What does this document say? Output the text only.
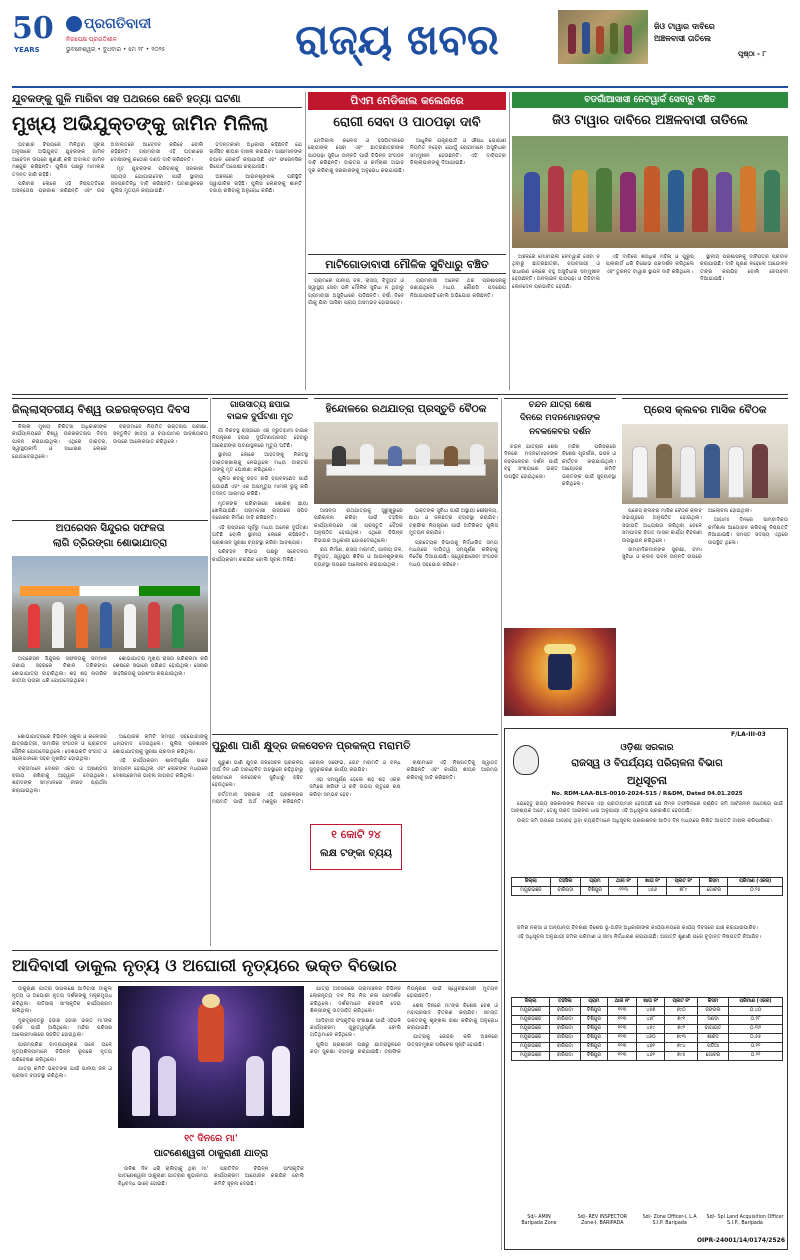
50
YEARS
ପ୍ରଗତିବାଦୀ
ନିରପେକ୍ଷ ପ୍ରଗତିଶୀଳ
ଭୁବନେଶ୍ୱର • ବୁଧବାର • ମେ ୨୮ • ୨୦୨୫	ରାଜ୍ୟ ଖବର	ଜିଓ ଟାୱାର ଦାବିରେ
ଅଞ୍ଚଳବାସୀ ତାତିଲେ
ପୃଷ୍ଠା - ୮
ଯୁବକଙ୍କୁ ଗୁଳି ମାରିବା ସହ ପଥରରେ ଛେଚି ହତ୍ୟା ଘଟଣା
ମୁଖ୍ୟ ଅଭିଯୁକ୍ତଙ୍କୁ ଜାମିନ ମିଳିଲା

ଘଟଣାର ବିଷୟରେ ମିଳିଥିବା ସୂଚନା ଅନୁସାରେ ଅଭିଯୁକ୍ତ ଯୁବକଙ୍କ ଜାମିନ ଆବେଦନ ଉପରେ ଶୁଣାଣି କରି ଅଦାଲତ ଜାମିନ ମଞ୍ଜୁର କରିଛନ୍ତି। ପୁଲିସ ପକ୍ଷରୁ ମାମଲାର ତଦନ୍ତ ଜାରି ରହିଛି।

ପରିବାର ଲୋକେ ଏହି ନିଷ୍ପତ୍ତିରେ ଅସନ୍ତୋଷ ପ୍ରକାଶ କରିଛନ୍ତି ଏବଂ ଉଚ୍ଚ ଅଦାଲତରେ ଆବେଦନ କରିବେ ବୋଲି କହିଛନ୍ତି। ଗ୍ରାମବାସୀ ଏହି ଘଟଣାରେ ଦୋଷୀଙ୍କୁ କଠୋର ଦଣ୍ଡ ଦାବି କରିଛନ୍ତି।

ମୃତ ଯୁବକଙ୍କ ପରିବାରକୁ ସରକାରୀ ସହାୟତା ଯୋଗାଇଦେବା ପାଇଁ ସ୍ଥାନୀୟ ଜନପ୍ରତିନିଧି ଦାବି କରିଛନ୍ତି। ଘଟଣାସ୍ଥଳରେ ପୁଲିସ ମୁତୟନ କରାଯାଇଛି।

ତଦନ୍ତକାରୀ ଅଧିକାରୀ କହିଛନ୍ତି ଯେ ଚାର୍ଜସିଟ ଶୀଘ୍ର ଦାଖଲ କରାଯିବ। ସାକ୍ଷୀମାନଙ୍କ ବୟାନ ରେକର୍ଡ କରାଯାଉଛି ଏବଂ ଫରେନସିକ ରିପୋର୍ଟ ଅପେକ୍ଷା କରାଯାଉଛି।

ଅଞ୍ଚଳରେ ଆଇନଶୃଙ୍ଖଳା ପରିସ୍ଥିତି ସ୍ୱାଭାବିକ ରହିଛି। ପୁଲିସ ଲୋକଙ୍କୁ ଶାନ୍ତି ବଜାୟ ରଖିବାକୁ ଅନୁରୋଧ କରିଛି।

ପିଏମ ମେଡିକାଲ କଲେଜରେ
ରୋଗୀ ସେବା ଓ ପାଠପଢ଼ା ଦାବି

ମେଡିକାଲ କଲେଜ ଓ ହସପିଟାଲରେ ରୋଗୀଙ୍କ ସେବା ଏବଂ ଛାତ୍ରଛାତ୍ରୀଙ୍କ ପାଠପଢ଼ା ସୁବିଧା ଉନ୍ନତି ପାଇଁ ବିଭିନ୍ନ ସଂଗଠନ ଦାବି କରିଛନ୍ତି। ଡାକ୍ତର ଓ କର୍ମଚାରୀ ଅଭାବ ଦୂର କରିବାକୁ ସରକାରଙ୍କୁ ଅନୁରୋଧ କରାଯାଇଛି।

ଆଧୁନିକ ଯନ୍ତ୍ରପାତି ଓ ଔଷଧ ଯୋଗାଣ ନିୟମିତ ନହେବା ଯୋଗୁଁ ରୋଗୀମାନେ ଅସୁବିଧାର ସମ୍ମୁଖୀନ ହେଉଛନ୍ତି। ଏହି ଦାବିପତ୍ର ଜିଲ୍ଲାପାଳଙ୍କୁ ଦିଆଯାଇଛି।

ବଡଗାଁଆସାସୀ ନେଟୱାର୍କ ସେବାରୁ ବଞ୍ଚିତ
ଜିଓ ଟାୱାର ଦାବିରେ ଅଞ୍ଚଳବାସୀ ତାତିଲେ
ମାଟିଗୋଡାବାସୀ ମୌଳିକ ସୁବିଧାରୁ ବଞ୍ଚିତ

ଗ୍ରାମରେ ପାନୀୟ ଜଳ, ରାସ୍ତା, ବିଦ୍ୟୁତ ଓ ସ୍ୱାସ୍ଥ୍ୟ ସେବା ଭଳି ମୌଳିକ ସୁବିଧା ନ ଥିବାରୁ ଗ୍ରାମବାସୀ ଅସୁବିଧାରେ ପଡ଼ିଛନ୍ତି। ବର୍ଷା ଦିନେ ଗାଁକୁ ଯିବା ଆସିବା ପ୍ରାୟ ଅସମ୍ଭବ ହୋଇପଡ଼େ।

ଗ୍ରାମବାସୀ ଅନେକ ଥର ପ୍ରଶାସନକୁ ଜଣାଇଥିଲେ ମଧ୍ୟ କୌଣସି ପଦକ୍ଷେପ ନିଆଯାଇନାହିଁ ବୋଲି ଅଭିଯୋଗ କରିଛନ୍ତି।

ଅଞ୍ଚଳରେ ମୋବାଇଲ ନେଟୱାର୍କ ସେବା ନ ଥିବାରୁ ଛାତ୍ରଛାତ୍ରୀ, ବ୍ୟବସାୟୀ ଓ ସାଧାରଣ ଲୋକେ ବହୁ ଅସୁବିଧାର ସମ୍ମୁଖୀନ ହେଉଛନ୍ତି। ଅନଲାଇନ ପାଠପଢ଼ା ଓ ଡିଜିଟାଲ ଲେନଦେନ ପ୍ରଭାବିତ ହେଉଛି।

ଏହି ଦାବିରେ ଶତାଧିକ ମହିଳା ଓ ପୁରୁଷ ପ୍ଲାକାର୍ଡ ଧରି ବିକ୍ଷୋଭ ପ୍ରଦର୍ଶନ କରିଥିଲେ ଏବଂ ତୁରନ୍ତ ଟାୱାର ସ୍ଥାପନ ଦାବି କରିଥିଲେ।

ସ୍ଥାନୀୟ ପ୍ରଶାସନକୁ ଦାବିପତ୍ର ପ୍ରଦାନ କରାଯାଇଛି। ଦାବି ପୂରଣ ନହେଲେ ଆନ୍ଦୋଳନ ତୀବ୍ର କରାଯିବ ବୋଲି ଚେତାବନୀ ଦିଆଯାଇଛି।

ଜିଲ୍ଲାସ୍ତରୀୟ ବିଶ୍ୱ ଉଚ୍ଚରକ୍ତଚାପ ଦିବସ

ଜିଲ୍ଲା ମୁଖ୍ୟ ଚିକିତ୍ସା ଅଧିକାରୀଙ୍କ କାର୍ଯ୍ୟାଳୟରେ ବିଶ୍ୱ ଉଚ୍ଚରକ୍ତଚାପ ଦିବସ ପାଳନ କରାଯାଇଥିଲା। ଏଥିରେ ଡାକ୍ତର, ସ୍ୱାସ୍ଥ୍ୟକର୍ମୀ ଓ ସାଧାରଣ ଲୋକେ ଯୋଗଦେଇଥିଲେ।

ବକ୍ତାମାନେ ନିୟମିତ ରକ୍ତଚାପ ପରୀକ୍ଷା, ସନ୍ତୁଳିତ ଖାଦ୍ୟ ଓ ବ୍ୟାୟାମର ଆବଶ୍ୟକତା ଉପରେ ଆଲୋକପାତ କରିଥିଲେ।

ଗାଉସାତ୍ୟ ଛପାଇ
ବାଇକ ଦୁର୍ଘଟଣା ମୃତ

ଗାଁ ନିକଟସ୍ଥ ରାସ୍ତାରେ ଏକ ଦ୍ରୁତଗାମୀ ବାଇକ ନିୟନ୍ତ୍ରଣ ହରାଇ ଦୁର୍ଘଟଣାଗ୍ରସ୍ତ ହେବାରୁ ଆରୋହୀଙ୍କ ଘଟଣାସ୍ଥଳରେ ମୃତ୍ୟୁ ଘଟିଛି।

ସ୍ଥାନୀୟ ଲୋକେ ଆହତଙ୍କୁ ନିକଟସ୍ଥ ଡାକ୍ତରଖାନାକୁ ନେଇଥିଲେ ମଧ୍ୟ ଡାକ୍ତର ତାଙ୍କୁ ମୃତ ଘୋଷଣା କରିଥିଲେ।

ପୁଲିସ ଶବକୁ ଜବତ କରି ବ୍ୟବଚ୍ଛେଦ ପାଇଁ ପଠାଇଛି ଏବଂ ଏକ ଅପମୃତ୍ୟୁ ମାମଲା ରୁଜୁ କରି ତଦନ୍ତ ଆରମ୍ଭ କରିଛି।

ମୃତକଙ୍କ ପରିବାରରେ ଶୋକର ଛାୟା ଖେଳିଯାଇଛି। ଗ୍ରାମବାସୀ ରାସ୍ତାରେ ସ୍ପିଡ ବ୍ରେକର ନିର୍ମାଣ ଦାବି କରିଛନ୍ତି।

ଏହି ରାସ୍ତାରେ ପୂର୍ବରୁ ମଧ୍ୟ ଅନେକ ଦୁର୍ଘଟଣା ଘଟିଛି ବୋଲି ସ୍ଥାନୀୟ ଲୋକେ କହିଛନ୍ତି। ପ୍ରଶାସନ ସୁରକ୍ଷା ବ୍ୟବସ୍ଥା କରିବା ଆବଶ୍ୟକ।

ପରିବହନ ବିଭାଗ ପକ୍ଷରୁ ସଚେତନତା କାର୍ଯ୍ୟକ୍ରମ କରାଯିବ ବୋଲି ସୂଚନା ମିଳିଛି।

ହିନ୍ଦୋଳରେ ରଥଯାତ୍ରା ପ୍ରସ୍ତୁତି ବୈଠକ

ଆସନ୍ତା ରଥଯାତ୍ରାକୁ ସୁରୁଖୁରୁରେ ପରିଚାଳନା କରିବା ପାଇଁ ତହସିଲ କାର୍ଯ୍ୟାଳୟରେ ଏକ ପ୍ରସ୍ତୁତି ବୈଠକ ଅନୁଷ୍ଠିତ ହୋଇଥିଲା। ଏଥିରେ ବିଭିନ୍ନ ବିଭାଗର ଅଧିକାରୀ ଯୋଗଦେଇଥିଲେ।

ରଥ ନିର୍ମାଣ, ରାସ୍ତା ମରାମତି, ପାନୀୟ ଜଳ, ବିଦ୍ୟୁତ, ସ୍ୱାସ୍ଥ୍ୟ ଶିବିର ଓ ଆଇନଶୃଙ୍ଖଳା ବ୍ୟବସ୍ଥା ଉପରେ ଆଲୋଚନା କରାଯାଇଥିଲା।

ଭକ୍ତଙ୍କ ସୁବିଧା ପାଇଁ ଅସ୍ଥାୟୀ ଶୌଚାଳୟ, ଛାୟା ଓ ଜଳଛତ୍ର ବ୍ୟବସ୍ଥା କରାଯିବ। ଟ୍ରାଫିକ ନିୟନ୍ତ୍ରଣ ପାଇଁ ଅତିରିକ୍ତ ପୁଲିସ ମୁତୟନ କରାଯିବ।

ପ୍ରତ୍ୟେକ ବିଭାଗକୁ ନିର୍ଦ୍ଧାରିତ ସମୟ ମଧ୍ୟରେ ଦାୟିତ୍ୱ ସମ୍ପୂର୍ଣ୍ଣ କରିବାକୁ ନିର୍ଦ୍ଦେଶ ଦିଆଯାଇଛି। ସ୍ୱେଚ୍ଛାସେବୀ ସଂଗଠନ ମଧ୍ୟ ସହଯୋଗ କରିବେ।

ଚନ୍ଦନ ଯାତ୍ରା ଶେଷ
ଦିନରେ ମଦନମୋହନଙ୍କ
ନବକଳେବର ଦର୍ଶନ

ଚନ୍ଦନ ଯାତ୍ରାର ଶେଷ ଦିନରେ ମଦନମୋହନଙ୍କ ନବକଳେବର ଦର୍ଶନ ପାଇଁ ବହୁ ସଂଖ୍ୟାରେ ଭକ୍ତ ଉପସ୍ଥିତ ହୋଇଥିଲେ।

ମନ୍ଦିର ପରିସରରେ ବିଶେଷ ପୂଜାର୍ଚ୍ଚନା, ଭଜନ ଓ କୀର୍ତ୍ତନ କରାଯାଇଥିଲା। ଆୟୋଜକ କମିଟି ଭକ୍ତଙ୍କ ପାଇଁ ସୁବ୍ୟବସ୍ଥା କରିଥିଲେ।

ପ୍ରେସ କ୍ଲବର ମାସିକ ବୈଠକ

ପ୍ରେସ କ୍ଲବର ମାସିକ ବୈଠକ କ୍ଲବ ସଭାଗୃହରେ ଅନୁଷ୍ଠିତ ହୋଇଥିଲା। ସଭାପତି ଅଧ୍ୟକ୍ଷତା କରିଥିବା ବେଳେ ସମ୍ପାଦକ ବିଗତ ମାସର କାର୍ଯ୍ୟ ବିବରଣୀ ଉପସ୍ଥାପନ କରିଥିଲେ।

ସାମ୍ବାଦିକମାନଙ୍କ ସୁରକ୍ଷା, ବୀମା ସୁବିଧା ଓ କ୍ଲବ ଭବନ ଉନ୍ନତି ଉପରେ ଆଲୋଚନା ହୋଇଥିଲା।

ଆଗାମୀ ଦିନରେ ସାମ୍ବାଦିକତା କର୍ମଶାଳା ଆୟୋଜନ କରିବାକୁ ନିଷ୍ପତ୍ତି ନିଆଯାଇଛି। ସମସ୍ତ ସଦସ୍ୟ ଏଥିରେ ଉପସ୍ଥିତ ଥିଲେ।

ଅପରେସନ ସିନ୍ଦୁରର ସଫଳତା
ଲାଗି ତ୍ରିରଙ୍ଗା ଶୋଭାଯାତ୍ରା

ଅପରେସନ ସିନ୍ଦୁରର ସଫଳତାକୁ ସମ୍ମାନ ଜଣାଇ ସହରରେ ବିଶାଳ ତ୍ରିରଙ୍ଗା ଶୋଭାଯାତ୍ରା ବାହାରିଥିଲା। ଶହ ଶହ ନାଗରିକ ଜାତୀୟ ପତାକା ଧରି ଯୋଗଦେଇଥିଲେ।

ଶୋଭାଯାତ୍ରା ମୁଖ୍ୟ ରାସ୍ତା ପରିକ୍ରମା କରି ଶେଷରେ ସଭାରେ ପରିଣତ ହୋଇଥିଲା। ସେନାର ସାହସିକତାକୁ ପ୍ରଶଂସା କରାଯାଇଥିଲା।

ପୁରୁଣା ପାଣି କ୍ଷୁଦ୍ର ଜଳସେଚନ ପ୍ରକଳ୍ପ ମରାମତି

ପୁରୁଣା ପାଣି କ୍ଷୁଦ୍ର ଜଳସେଚନ ପ୍ରକଳ୍ପ ଦୀର୍ଘ ଦିନ ଧରି ଅବହେଳିତ ଅବସ୍ଥାରେ ରହିଥିବାରୁ ଚାଷୀମାନେ ଜଳସେଚନ ସୁବିଧାରୁ ବଞ୍ଚିତ ହେଉଥିଲେ।

ବର୍ତ୍ତମାନ ସରକାର ଏହି ପ୍ରକଳ୍ପର ମରାମତି ପାଇଁ ଅର୍ଥ ମଞ୍ଜୁର କରିଛନ୍ତି। କେନାଲ ସଫେଇ, ଗେଟ ମରାମତି ଓ ବନ୍ଧ ସୁଦୃଢ଼ୀକରଣ କାର୍ଯ୍ୟ କରାଯିବ।

ଏହା ସମ୍ପୂର୍ଣ୍ଣ ହେଲେ ଶହ ଶହ ଏକର ଜମିରେ ଖରିଫ ଓ ରବି ଉଭୟ ଋତୁରେ ଚାଷ କରିବା ସମ୍ଭବ ହେବ।

ଚାଷୀମାନେ ଏହି ନିଷ୍ପତ୍ତିକୁ ସ୍ୱାଗତ କରିଛନ୍ତି ଏବଂ କାର୍ଯ୍ୟ ଶୀଘ୍ର ଆରମ୍ଭ କରିବାକୁ ଦାବି କରିଛନ୍ତି।

୧ କୋଟି ୨୪
ଲକ୍ଷ ଟଙ୍କା ବ୍ୟୟ

ଶୋଭାଯାତ୍ରାରେ ବିଭିନ୍ନ ସ୍କୁଲ ଓ କଲେଜର ଛାତ୍ରଛାତ୍ରୀ, ସାମାଜିକ ସଂଗଠନ ଓ ପ୍ରାକ୍ତନ ସୈନିକ ଯୋଗଦେଇଥିଲେ। ଦେଶଭକ୍ତି ସଂଗୀତ ଓ ସ୍ଲୋଗାନରେ ସହର ମୁଖରିତ ହୋଇଥିଲା।

ବକ୍ତାମାନେ ଦେଶର ଏକତା ଓ ଅଖଣ୍ଡତା ବଜାୟ ରଖିବାକୁ ଆହ୍ୱାନ ଦେଇଥିଲେ। ଶହୀଦଙ୍କ ସମ୍ମାନରେ ନୀରବ ପ୍ରାର୍ଥନା କରାଯାଇଥିଲା।

ଆୟୋଜକ କମିଟି ସମସ୍ତ ସହଯୋଗୀଙ୍କୁ ଧନ୍ୟବାଦ ଦେଇଥିଲେ। ପୁଲିସ ପ୍ରଶାସନ ଶୋଭାଯାତ୍ରାକୁ ସୁରକ୍ଷା ପ୍ରଦାନ କରିଥିଲା।

ଏହି କାର୍ଯ୍ୟକ୍ରମ ଶାନ୍ତିପୂର୍ଣ୍ଣ ଭାବେ ସମ୍ପନ୍ନ ହୋଇଥିଲା ଏବଂ ଲୋକଙ୍କ ମଧ୍ୟରେ ଦେଶପ୍ରେମର ଭାବନା ଜାଗ୍ରତ କରିଥିଲା।

F/LA-III-03
ଓଡ଼ିଶା ସରକାର
ରାଜସ୍ୱ ଓ ବିପର୍ଯ୍ୟୟ ପରିଚାଳନା ବିଭାଗ
ଅଧିସୂଚନା
No. RDM-LAA-BLS-0010-2024-515 / R&DM, Dated 04.01.2025

ଯେହେତୁ ରାଜ୍ୟ ସରକାରଙ୍କ ନିକଟରେ ଏହା ପ୍ରତୀୟମାନ ହେଉଅଛି ଯେ ନିମ୍ନ ତଫସିଲରେ ବର୍ଣ୍ଣିତ ଜମି ସାର୍ବଜନୀନ ଉଦ୍ଦେଶ୍ୟ ପାଇଁ ଆବଶ୍ୟକ ଅଟେ, ତେଣୁ ଉକ୍ତ ଆଇନର ଧାରା ଅନୁଯାୟୀ ଏହି ଅଧିସୂଚନା ପ୍ରକାଶିତ ହେଉଅଛି।

ଉକ୍ତ ଜମି ଉପରେ ଆଗ୍ରହ ଥିବା ବ୍ୟକ୍ତିମାନେ ଅଧିସୂଚନା ପ୍ରକାଶନର ଷାଠିଏ ଦିନ ମଧ୍ୟରେ ଲିଖିତ ଆପତ୍ତି ଦାଖଲ କରିପାରିବେ।

ଜିଲ୍ଲା	ତହସିଲ	ଗ୍ରାମ	ଥାନା ନଂ	ଖାତା ନଂ	ପ୍ଲଟ ନଂ	କିସମ	ପରିମାଣ (ଏକର)
ମୟୂରଭଞ୍ଜ	ବାରିପଦା	ବିଶିପୁର	୧୨୩	୪୫୬	୭୮୯	ଗୋଚର	୦.୨୫

ଜମିର ନକ୍ସା ଓ ଅନ୍ୟାନ୍ୟ ବିବରଣୀ ବିଶେଷ ଭୂ-ଅର୍ଜନ ଅଧିକାରୀଙ୍କ କାର୍ଯ୍ୟାଳୟରେ କାର୍ଯ୍ୟ ଦିବସରେ ଯାଞ୍ଚ କରାଯାଇପାରିବ।

ଏହି ଅଧିସୂଚନା ଅନୁଯାୟୀ ଜମିର ପରିମାଣ ଓ ସୀମା ନିର୍ଦ୍ଧାରଣ କରାଯାଇଛି। ଆପତ୍ତି ଶୁଣାଣି ପରେ ଚୂଡ଼ାନ୍ତ ନିଷ୍ପତ୍ତି ନିଆଯିବ।

ଜିଲ୍ଲା	ତହସିଲ	ଗ୍ରାମ	ଥାନା ନଂ	ଖାତା ନଂ	ପ୍ଲଟ ନଂ	କିସମ	ପରିମାଣ (ଏକର)
ମୟୂରଭଞ୍ଜ	ବାରିପଦା	ବିଶିପୁର	୧୨୩	୪୫୭	୭୯୦	ଜଙ୍ଗଲ	୦.୪୦
ମୟୂରଭଞ୍ଜ	ବାରିପଦା	ବିଶିପୁର	୧୨୩	୪୫୮	୭୯୧	ଦଣ୍ଡା	୦.୧୮
ମୟୂରଭଞ୍ଜ	ବାରିପଦା	ବିଶିପୁର	୧୨୩	୪୫୯	୭୯୨	ବାଗାୟତ	୦.୩୨
ମୟୂରଭଞ୍ଜ	ବାରିପଦା	ବିଶିପୁର	୧୨୩	୪୬୦	୭୯୩	ଶାରଦ	୦.୫୫
ମୟୂରଭଞ୍ଜ	ବାରିପଦା	ବିଶିପୁର	୧୨୩	୪୬୧	୭୯୪	ପଡିଆ	୦.୧୨
ମୟୂରଭଞ୍ଜ	ବାରିପଦା	ବିଶିପୁର	୧୨୩	୪୬୨	୭୯୫	ଗୋଚର	୦.୨୨
Sd/- AMIN
Baripada Zone
Sd/- REV INSPECTOR
Zone-I, BARIPADA
Sd/- Zone Officer-I, L.A
S.I.P. Baripada
Sd/- Spl Land Acquisition Officer
S.I.P., Baripada
OIPR-24001/14/0174/2526
ଆଦିବାସୀ ଡାକୁଲ ନୃତ୍ୟ ଓ ଅଘୋରୀ ନୃତ୍ୟରେ ଭକ୍ତ ବିଭୋର

ଠାକୁରାଣୀ ଯାତ୍ରା ଉପଲକ୍ଷେ ଆଦିବାସୀ ଡାକୁଲ ନୃତ୍ୟ ଓ ଅଘୋରୀ ନୃତ୍ୟ ଦର୍ଶକଙ୍କୁ ମନ୍ତ୍ରମୁଗ୍ଧ କରିଥିଲା। ରାତିସାରା ସାଂସ୍କୃତିକ କାର୍ଯ୍ୟକ୍ରମ ଚାଲିଥିଲା।

ଦୂରଦୂରାନ୍ତରୁ ହଜାର ହଜାର ଭକ୍ତ ମା'ଙ୍କ ଦର୍ଶନ ପାଇଁ ଆସିଥିଲେ। ମନ୍ଦିର ପରିସର ଆଲୋକମାଳାରେ ସଜ୍ଜିତ ହୋଇଥିଲା।

ପାରମ୍ପରିକ ବାଦ୍ୟଯନ୍ତ୍ରର ତାଳେ ତାଳେ ନୃତ୍ୟଶିଳ୍ପୀମାନେ ବିଭିନ୍ନ ରୂପରେ ନୃତ୍ୟ ପରିବେଷଣ କରିଥିଲେ।

ଯାତ୍ରା କମିଟି ଭକ୍ତଙ୍କ ପାଇଁ ପାନୀୟ ଜଳ ଓ ପ୍ରସାଦ ବ୍ୟବସ୍ଥା କରିଥିଲା।

୧୯ ଦିନରେ ମା'
ପାଟଣେଶ୍ୱରୀ ଠାକୁରାଣୀ ଯାତ୍ରା

ଉନିଶ ଦିନ ଧରି ଚାଲିବାକୁ ଥିବା ମା' ପାଟଣେଶ୍ୱରୀ ଠାକୁରାଣୀ ଯାତ୍ରାର ଶୁଭାରମ୍ଭ ବିଧିବଦ୍ଧ ଭାବେ ହୋଇଛି।

ପ୍ରତିଦିନ ବିଭିନ୍ନ ସାଂସ୍କୃତିକ କାର୍ଯ୍ୟକ୍ରମ ଆୟୋଜନ କରାଯିବ ବୋଲି କମିଟି ସୂଚନା ଦେଇଛି।

ଯାତ୍ରା ଅବସରରେ ଗ୍ରାମାଞ୍ଚଳର ବିଭିନ୍ନ ଲୋକନୃତ୍ୟ ଦଳ ନିଜ ନିଜ କଳା ପ୍ରଦର୍ଶନ କରିଥିଲେ। ଦର୍ଶକମାନେ କରତାଳି ଦେଇ ଶିଳ୍ପୀଙ୍କୁ ଉତ୍ସାହିତ କରିଥିଲେ।

ଆଦିବାସୀ ସଂସ୍କୃତିର ସଂରକ୍ଷଣ ପାଇଁ ଏହିଭଳି କାର୍ଯ୍ୟକ୍ରମ ଗୁରୁତ୍ୱପୂର୍ଣ୍ଣ ବୋଲି ଅତିଥିମାନେ କହିଥିଲେ।

ପୁଲିସ ପ୍ରଶାସନ ପକ୍ଷରୁ ଯାତ୍ରାସ୍ଥଳରେ କଡ଼ା ସୁରକ୍ଷା ବ୍ୟବସ୍ଥା କରାଯାଇଛି। ଟ୍ରାଫିକ ନିୟନ୍ତ୍ରଣ ପାଇଁ ସ୍ୱେଚ୍ଛାସେବୀ ମୁତୟନ ହୋଇଛନ୍ତି।

ଶେଷ ଦିନରେ ମା'ଙ୍କ ବିଶେଷ ବେଶ ଓ ମହାପ୍ରସାଦ ବିତରଣ କରାଯିବ। ସମସ୍ତ ଭକ୍ତଙ୍କୁ ଶୃଙ୍ଖଳା ରକ୍ଷା କରିବାକୁ ଅନୁରୋଧ କରାଯାଇଛି।

ଯାତ୍ରାକୁ କେନ୍ଦ୍ର କରି ଅଞ୍ଚଳରେ ଉତ୍ସବମୁଖର ପରିବେଶ ସୃଷ୍ଟି ହୋଇଛି।
